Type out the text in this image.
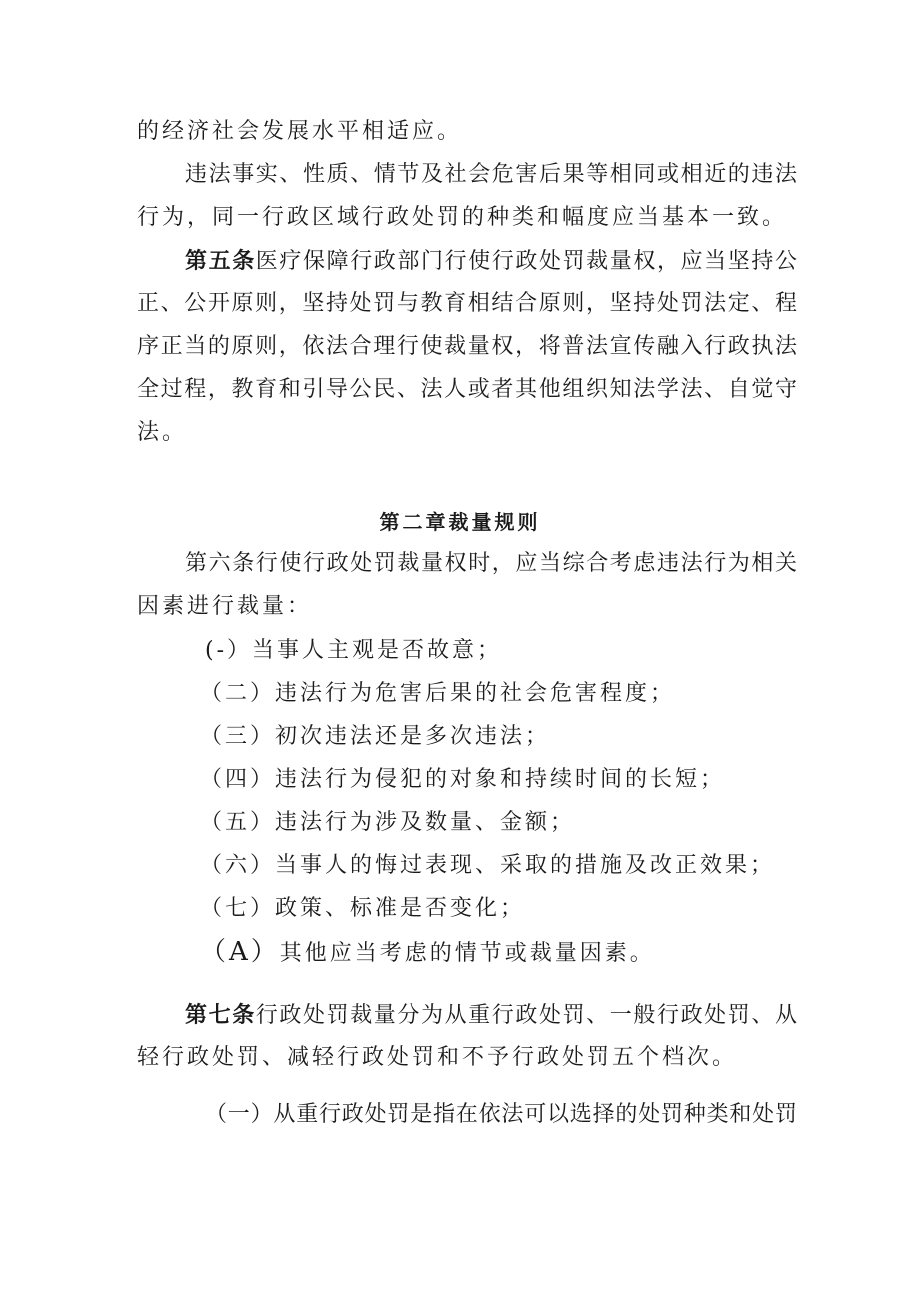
的经济社会发展水平相适应。
违法事实、性质、情节及社会危害后果等相同或相近的违法
行为，同一行政区域行政处罚的种类和幅度应当基本一致。
第五条医疗保障行政部门行使行政处罚裁量权，应当坚持公
正、公开原则，坚持处罚与教育相结合原则，坚持处罚法定、程
序正当的原则，依法合理行使裁量权，将普法宣传融入行政执法
全过程，教育和引导公民、法人或者其他组织知法学法、自觉守
法。
第二章裁量规则
第六条行使行政处罚裁量权时，应当综合考虑违法行为相关
因素进行裁量：
(-）当事人主观是否故意；
（二）违法行为危害后果的社会危害程度；
（三）初次违法还是多次违法；
（四）违法行为侵犯的对象和持续时间的长短；
（五）违法行为涉及数量、金额；
（六）当事人的悔过表现、采取的措施及改正效果；
（七）政策、标准是否变化；
（A）其他应当考虑的情节或裁量因素。
第七条行政处罚裁量分为从重行政处罚、一般行政处罚、从
轻行政处罚、减轻行政处罚和不予行政处罚五个档次。
（一）从重行政处罚是指在依法可以选择的处罚种类和处罚
